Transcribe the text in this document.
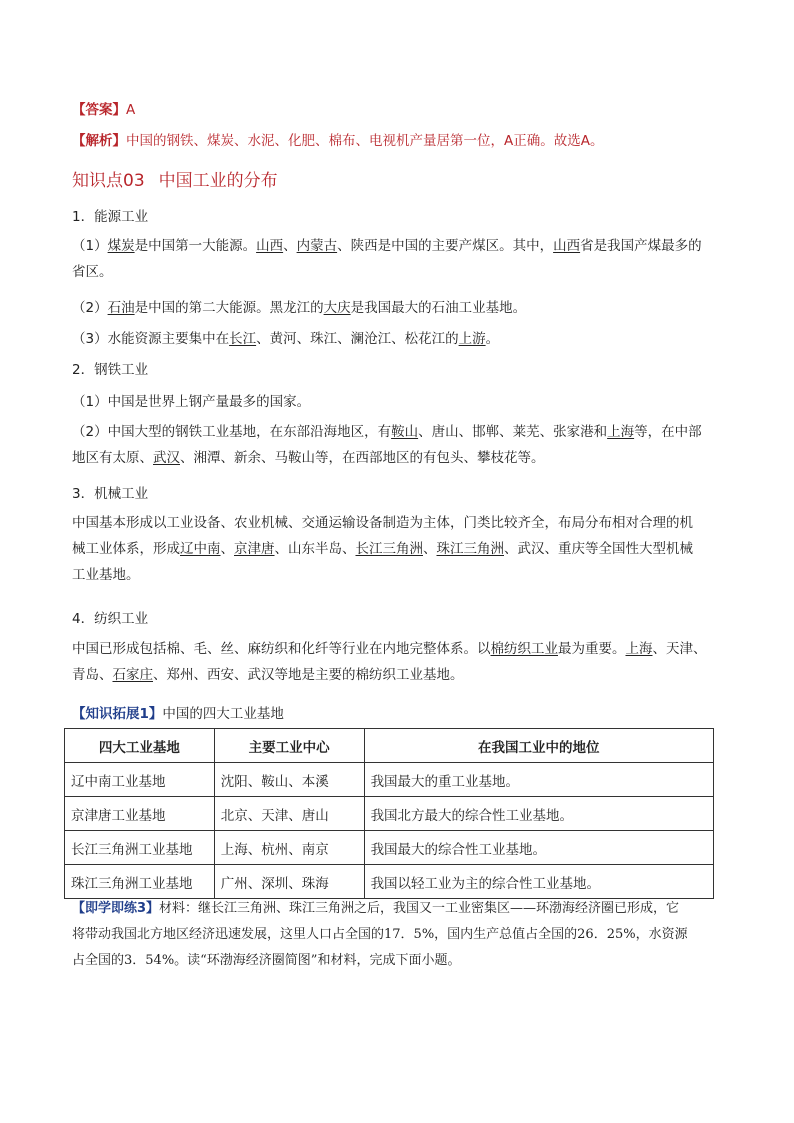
【答案】A
【解析】中国的钢铁、煤炭、水泥、化肥、棉布、电视机产量居第一位，A正确。故选A。
知识点03 中国工业的分布
1．能源工业
（1）煤炭是中国第一大能源。山西、内蒙古、陕西是中国的主要产煤区。其中，山西省是我国产煤最多的
省区。
（2）石油是中国的第二大能源。黑龙江的大庆是我国最大的石油工业基地。
（3）水能资源主要集中在长江、黄河、珠江、澜沧江、松花江的上游。
2．钢铁工业
（1）中国是世界上钢产量最多的国家。
（2）中国大型的钢铁工业基地，在东部沿海地区，有鞍山、唐山、邯郸、莱芜、张家港和上海等，在中部
地区有太原、武汉、湘潭、新余、马鞍山等，在西部地区的有包头、攀枝花等。
3．机械工业
中国基本形成以工业设备、农业机械、交通运输设备制造为主体，门类比较齐全，布局分布相对合理的机
械工业体系，形成辽中南、京津唐、山东半岛、长江三角洲、珠江三角洲、武汉、重庆等全国性大型机械
工业基地。
4．纺织工业
中国已形成包括棉、毛、丝、麻纺织和化纤等行业在内地完整体系。以棉纺织工业最为重要。上海、天津、
青岛、石家庄、郑州、西安、武汉等地是主要的棉纺织工业基地。
【知识拓展1】中国的四大工业基地
四大工业基地	主要工业中心	在我国工业中的地位
辽中南工业基地	沈阳、鞍山、本溪	我国最大的重工业基地。
京津唐工业基地	北京、天津、唐山	我国北方最大的综合性工业基地。
长江三角洲工业基地	上海、杭州、南京	我国最大的综合性工业基地。
珠江三角洲工业基地	广州、深圳、珠海	我国以轻工业为主的综合性工业基地。
【即学即练3】材料：继长江三角洲、珠江三角洲之后，我国又一工业密集区——环渤海经济圈已形成，它
将带动我国北方地区经济迅速发展，这里人口占全国的17．5%，国内生产总值占全国的26．25%，水资源
占全国的3．54%。读“环渤海经济圈简图”和材料，完成下面小题。
